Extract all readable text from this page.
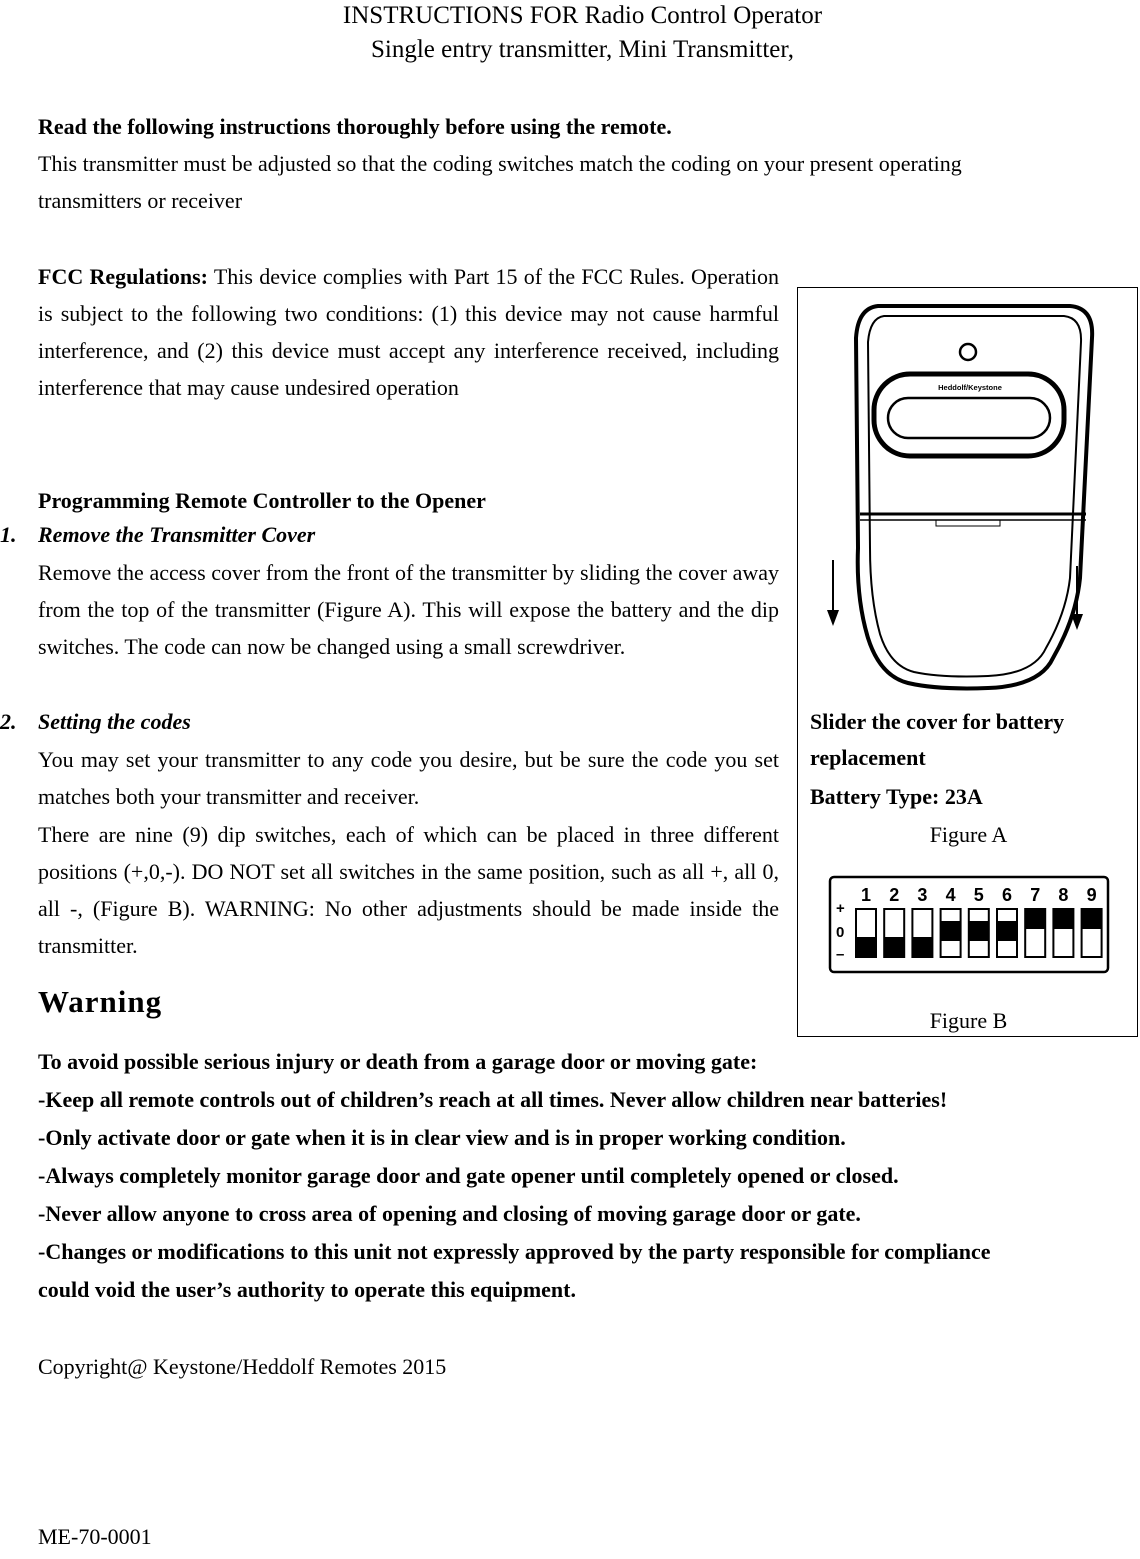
INSTRUCTIONS FOR Radio Control Operator
Single entry transmitter, Mini Transmitter,
Read the following instructions thoroughly before using the remote.
This transmitter must be adjusted so that the coding switches match the coding on your present operating
transmitters or receiver
FCC Regulations: This device complies with Part 15 of the FCC Rules. Operation is subject to the following two conditions: (1) this device may not cause harmful interference, and (2) this device must accept any interference received, including interference that may cause undesired operation
Programming Remote Controller to the Opener
1. Remove the Transmitter Cover
Remove the access cover from the front of the transmitter by sliding the cover away from the top of the transmitter (Figure A). This will expose the battery and the dip switches. The code can now be changed using a small screwdriver.
2. Setting the codes
You may set your transmitter to any code you desire, but be sure the code you set matches both your transmitter and receiver.
There are nine (9) dip switches, each of which can be placed in three different positions (+,0,-). DO NOT set all switches in the same position, such as all +, all 0, all -, (Figure B). WARNING: No other adjustments should be made inside the transmitter.
Heddolf/Keystone
Slider the cover for battery
replacement
Battery Type: 23A
Figure A
+
0
–
1 2 3 4 5 6 7 8 9
Figure B
Warning
To avoid possible serious injury or death from a garage door or moving gate:
-Keep all remote controls out of children’s reach at all times. Never allow children near batteries!
-Only activate door or gate when it is in clear view and is in proper working condition.
-Always completely monitor garage door and gate opener until completely opened or closed.
-Never allow anyone to cross area of opening and closing of moving garage door or gate.
-Changes or modifications to this unit not expressly approved by the party responsible for compliance
could void the user’s authority to operate this equipment.
Copyright@ Keystone/Heddolf Remotes 2015
ME-70-0001
